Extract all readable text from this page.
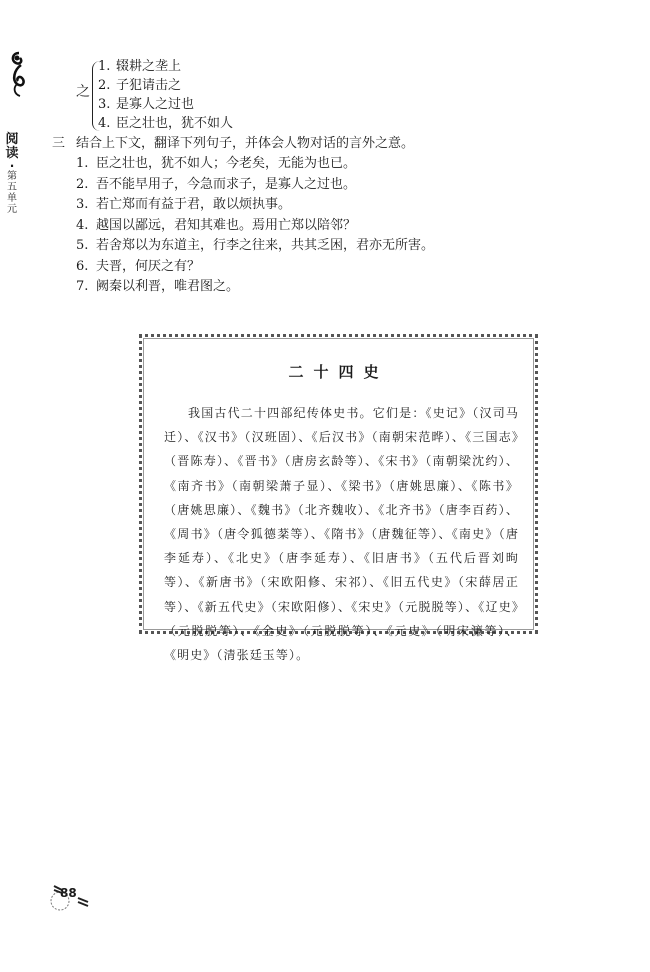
阅
读
·
第
五
单
元
之
1. 辍耕之垄上
2. 子犯请击之
3. 是寡人之过也
4. 臣之壮也，犹不如人
三 结合上下文，翻译下列句子，并体会人物对话的言外之意。
1. 臣之壮也，犹不如人；今老矣，无能为也已。
2. 吾不能早用子，今急而求子，是寡人之过也。
3. 若亡郑而有益于君，敢以烦执事。
4. 越国以鄙远，君知其难也。焉用亡郑以陪邻？
5. 若舍郑以为东道主，行李之往来，共其乏困，君亦无所害。
6. 夫晋，何厌之有？
7. 阙秦以利晋，唯君图之。
二十四史
我国古代二十四部纪传体史书。它们是：《史记》（汉司马迁）、《汉书》（汉班固）、《后汉书》（南朝宋范晔）、《三国志》（晋陈寿）、《晋书》（唐房玄龄等）、《宋书》（南朝梁沈约）、《南齐书》（南朝梁萧子显）、《梁书》（唐姚思廉）、《陈书》（唐姚思廉）、《魏书》（北齐魏收）、《北齐书》（唐李百药）、《周书》（唐令狐德棻等）、《隋书》（唐魏征等）、《南史》（唐李延寿）、《北史》（唐李延寿）、《旧唐书》（五代后晋刘昫等）、《新唐书》（宋欧阳修、宋祁）、《旧五代史》（宋薛居正等）、《新五代史》（宋欧阳修）、《宋史》（元脱脱等）、《辽史》（元脱脱等）、《金史》（元脱脱等）、《元史》（明宋濂等）、《明史》（清张廷玉等）。
88
